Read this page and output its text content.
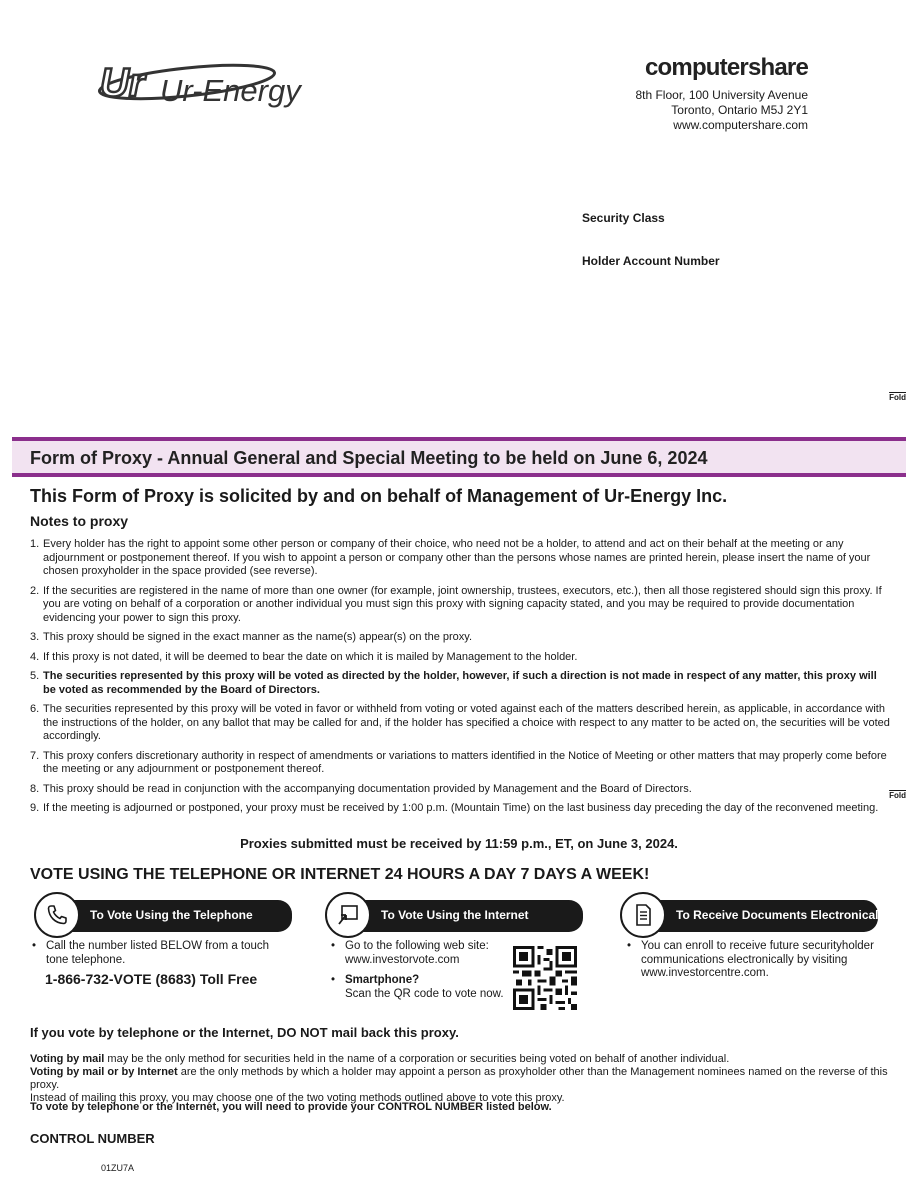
Ur Ur-Energy
computershare
8th Floor, 100 University Avenue
Toronto, Ontario M5J 2Y1
www.computershare.com
Security Class
Holder Account Number
Fold
Fold
Form of Proxy - Annual General and Special Meeting to be held on June 6, 2024
This Form of Proxy is solicited by and on behalf of Management of Ur-Energy Inc.
Notes to proxy
1. Every holder has the right to appoint some other person or company of their choice, who need not be a holder, to attend and act on their behalf at the meeting or any adjournment or postponement thereof. If you wish to appoint a person or company other than the persons whose names are printed herein, please insert the name of your chosen proxyholder in the space provided (see reverse).
2. If the securities are registered in the name of more than one owner (for example, joint ownership, trustees, executors, etc.), then all those registered should sign this proxy. If you are voting on behalf of a corporation or another individual you must sign this proxy with signing capacity stated, and you may be required to provide documentation evidencing your power to sign this proxy.
3. This proxy should be signed in the exact manner as the name(s) appear(s) on the proxy.
4. If this proxy is not dated, it will be deemed to bear the date on which it is mailed by Management to the holder.
5. The securities represented by this proxy will be voted as directed by the holder, however, if such a direction is not made in respect of any matter, this proxy will be voted as recommended by the Board of Directors.
6. The securities represented by this proxy will be voted in favor or withheld from voting or voted against each of the matters described herein, as applicable, in accordance with the instructions of the holder, on any ballot that may be called for and, if the holder has specified a choice with respect to any matter to be acted on, the securities will be voted accordingly.
7. This proxy confers discretionary authority in respect of amendments or variations to matters identified in the Notice of Meeting or other matters that may properly come before the meeting or any adjournment or postponement thereof.
8. This proxy should be read in conjunction with the accompanying documentation provided by Management and the Board of Directors.
9. If the meeting is adjourned or postponed, your proxy must be received by 1:00 p.m. (Mountain Time) on the last business day preceding the day of the reconvened meeting.
Proxies submitted must be received by 11:59 p.m., ET, on June 3, 2024.
VOTE USING THE TELEPHONE OR INTERNET 24 HOURS A DAY 7 DAYS A WEEK!
To Vote Using the Telephone	To Vote Using the Internet	To Receive Documents Electronically
• Call the number listed BELOW from a touch tone telephone.
1-866-732-VOTE (8683) Toll Free
• Go to the following web site: www.investorvote.com
• Smartphone?
Scan the QR code to vote now.
• You can enroll to receive future securityholder communications electronically by visiting www.investorcentre.com.
If you vote by telephone or the Internet, DO NOT mail back this proxy.
Voting by mail may be the only method for securities held in the name of a corporation or securities being voted on behalf of another individual.
Voting by mail or by Internet are the only methods by which a holder may appoint a person as proxyholder other than the Management nominees named on the reverse of this proxy.
Instead of mailing this proxy, you may choose one of the two voting methods outlined above to vote this proxy.
To vote by telephone or the Internet, you will need to provide your CONTROL NUMBER listed below.
CONTROL NUMBER
01ZU7A
